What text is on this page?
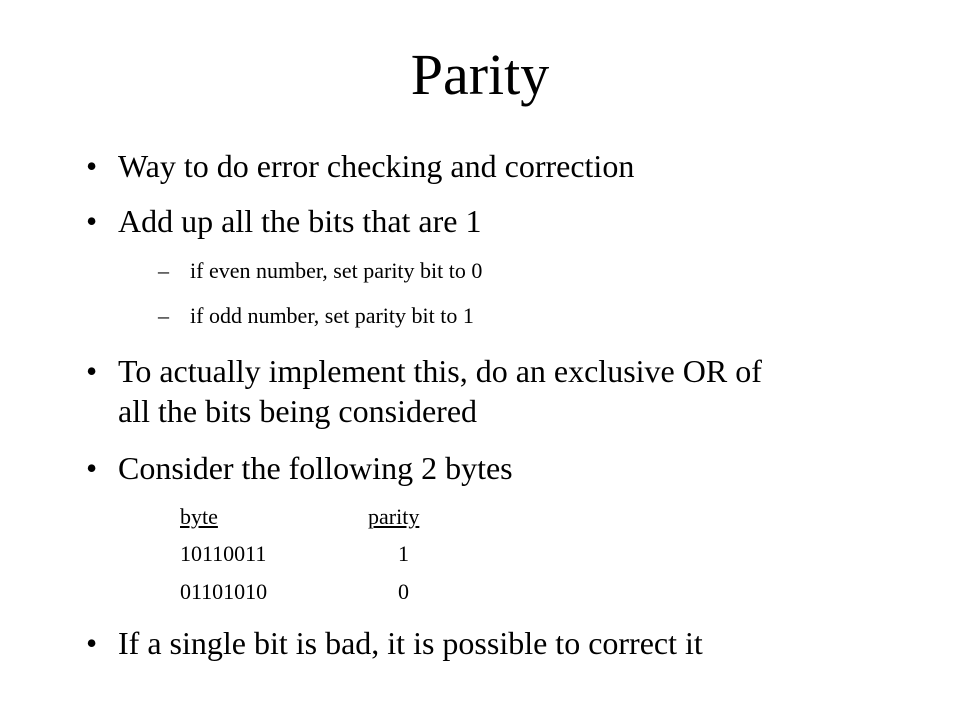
Parity
• Way to do error checking and correction
• Add up all the bits that are 1
– if even number, set parity bit to 0
– if odd number, set parity bit to 1
• To actually implement this, do an exclusive OR of
all the bits being considered
• Consider the following 2 bytes
byte	parity
10110011	1
01101010	0
• If a single bit is bad, it is possible to correct it
